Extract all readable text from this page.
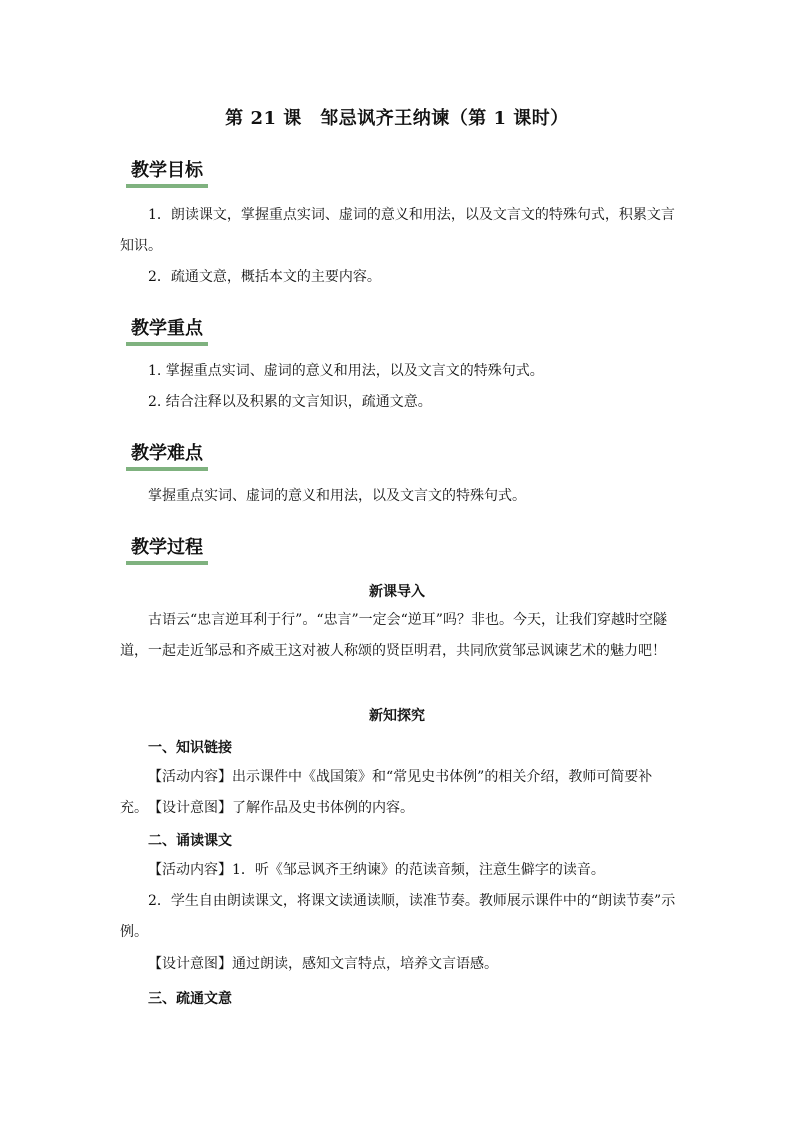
第 21 课　邹忌讽齐王纳谏（第 1 课时）
教学目标

1．朗读课文，掌握重点实词、虚词的意义和用法，以及文言文的特殊句式，积累文言知识。

2．疏通文意，概括本文的主要内容。

教学重点

1. 掌握重点实词、虚词的意义和用法，以及文言文的特殊句式。

2. 结合注释以及积累的文言知识，疏通文意。

教学难点

掌握重点实词、虚词的意义和用法，以及文言文的特殊句式。

教学过程
新课导入

古语云“忠言逆耳利于行”。“忠言”一定会“逆耳”吗？非也。今天，让我们穿越时空隧道，一起走近邹忌和齐威王这对被人称颂的贤臣明君，共同欣赏邹忌讽谏艺术的魅力吧！

新知探究
一、知识链接

【活动内容】出示课件中《战国策》和“常见史书体例”的相关介绍，教师可简要补充。 【设计意图】了解作品及史书体例的内容。

二、诵读课文

【活动内容】1．听《邹忌讽齐王纳谏》的范读音频，注意生僻字的读音。

2．学生自由朗读课文，将课文读通读顺，读准节奏。教师展示课件中的“朗读节奏”示例。

【设计意图】通过朗读，感知文言特点，培养文言语感。

三、疏通文意
